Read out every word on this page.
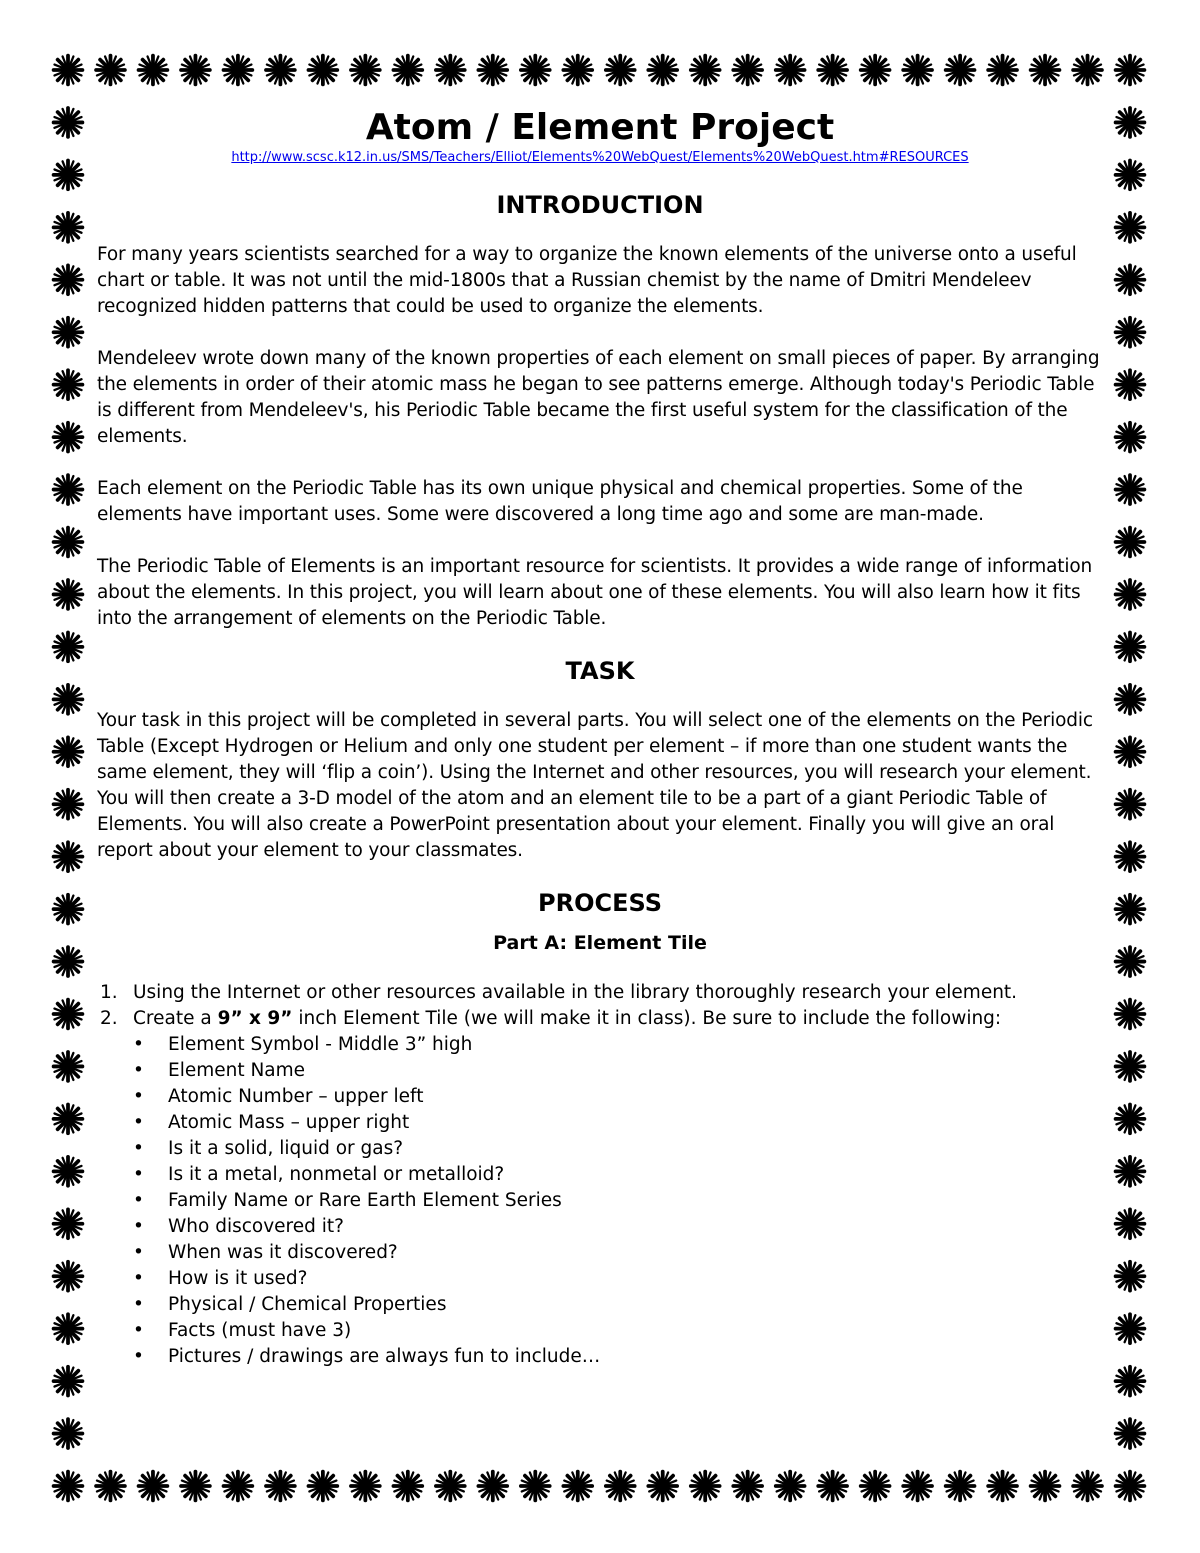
Atom / Element Project
http://www.scsc.k12.in.us/SMS/Teachers/Elliot/Elements%20WebQuest/Elements%20WebQuest.htm#RESOURCES
INTRODUCTION

For many years scientists searched for a way to organize the known elements of the universe onto a useful chart or table. It was not until the mid-1800s that a Russian chemist by the name of Dmitri Mendeleev recognized hidden patterns that could be used to organize the elements.

Mendeleev wrote down many of the known properties of each element on small pieces of paper. By arranging the elements in order of their atomic mass he began to see patterns emerge. Although today's Periodic Table is different from Mendeleev's, his Periodic Table became the first useful system for the classification of the elements.

Each element on the Periodic Table has its own unique physical and chemical properties. Some of the elements have important uses. Some were discovered a long time ago and some are man-made.

The Periodic Table of Elements is an important resource for scientists. It provides a wide range of information about the elements. In this project, you will learn about one of these elements. You will also learn how it fits into the arrangement of elements on the Periodic Table.

TASK

Your task in this project will be completed in several parts. You will select one of the elements on the Periodic Table (Except Hydrogen or Helium and only one student per element – if more than one student wants the same element, they will ‘flip a coin’). Using the Internet and other resources, you will research your element. You will then create a 3-D model of the atom and an element tile to be a part of a giant Periodic Table of Elements. You will also create a PowerPoint presentation about your element. Finally you will give an oral report about your element to your classmates.

PROCESS
Part A: Element Tile
1. Using the Internet or other resources available in the library thoroughly research your element.
2. Create a 9” x 9” inch Element Tile (we will make it in class). Be sure to include the following:
• Element Symbol - Middle 3” high
• Element Name
• Atomic Number – upper left
• Atomic Mass – upper right
• Is it a solid, liquid or gas?
• Is it a metal, nonmetal or metalloid?
• Family Name or Rare Earth Element Series
• Who discovered it?
• When was it discovered?
• How is it used?
• Physical / Chemical Properties
• Facts (must have 3)
• Pictures / drawings are always fun to include…
